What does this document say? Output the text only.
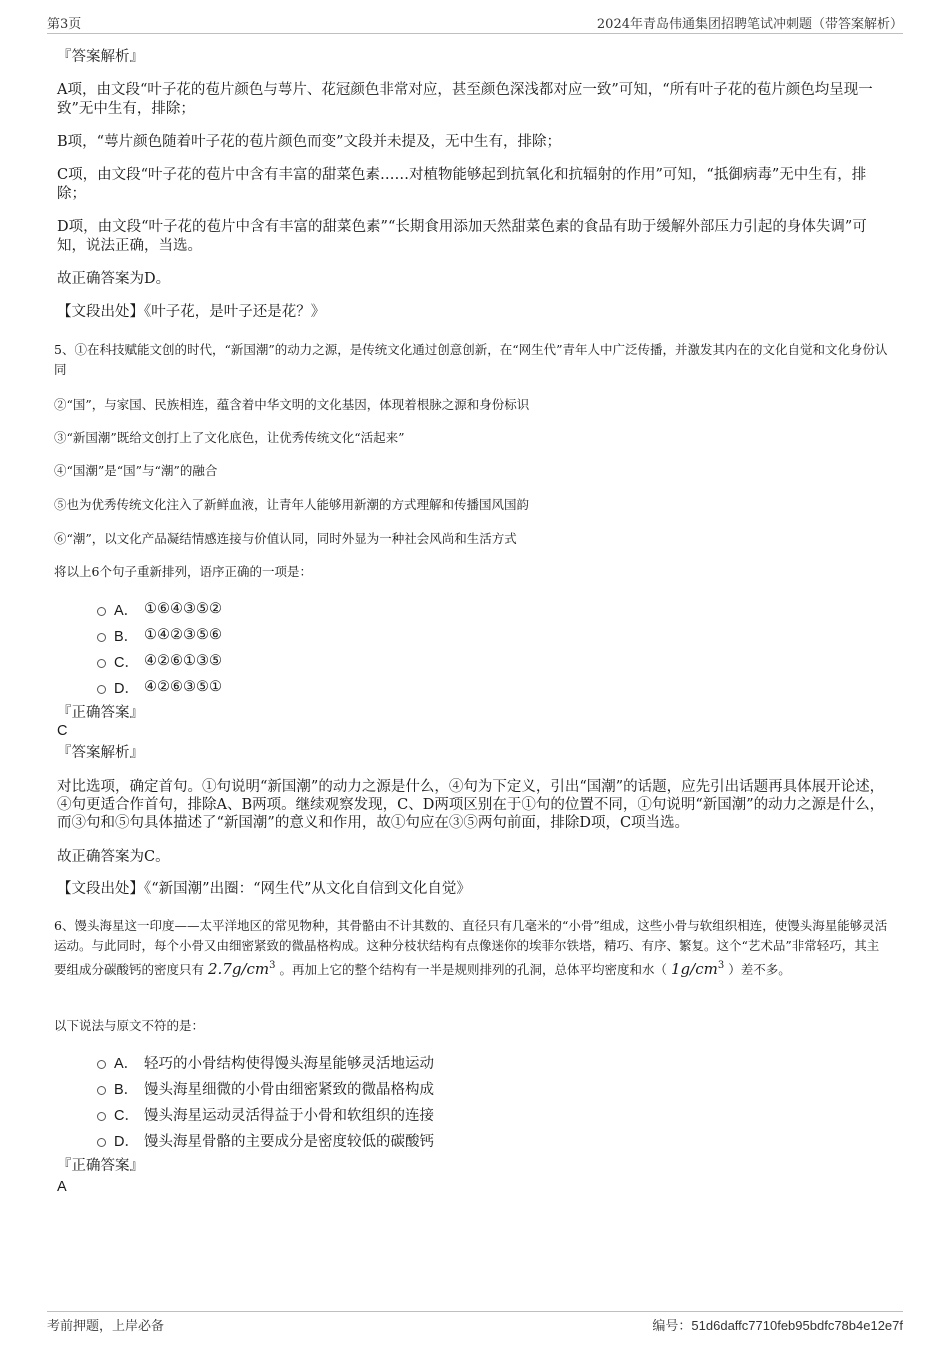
第3页	2024年青岛伟通集团招聘笔试冲刺题（带答案解析）
『答案解析』
A项，由文段“叶子花的苞片颜色与萼片、花冠颜色非常对应，甚至颜色深浅都对应一致”可知，“所有叶子花的苞片颜色均呈现一致”无中生有，排除；
B项，“萼片颜色随着叶子花的苞片颜色而变”文段并未提及，无中生有，排除；
C项，由文段“叶子花的苞片中含有丰富的甜菜色素……对植物能够起到抗氧化和抗辐射的作用”可知，“抵御病毒”无中生有，排除；
D项，由文段“叶子花的苞片中含有丰富的甜菜色素”“长期食用添加天然甜菜色素的食品有助于缓解外部压力引起的身体失调”可知，说法正确，当选。
故正确答案为D。
【文段出处】《叶子花，是叶子还是花？》
5、①在科技赋能文创的时代，“新国潮”的动力之源，是传统文化通过创意创新，在“网生代”青年人中广泛传播，并激发其内在的文化自觉和文化身份认同
②“国”，与家国、民族相连，蕴含着中华文明的文化基因，体现着根脉之源和身份标识
③“新国潮”既给文创打上了文化底色，让优秀传统文化“活起来”
④“国潮”是“国”与“潮”的融合
⑤也为优秀传统文化注入了新鲜血液，让青年人能够用新潮的方式理解和传播国风国韵
⑥“潮”，以文化产品凝结情感连接与价值认同，同时外显为一种社会风尚和生活方式
将以上6个句子重新排列，语序正确的一项是：
A． ①⑥④③⑤②
B． ①④②③⑤⑥
C． ④②⑥①③⑤
D． ④②⑥③⑤①
『正确答案』
C
『答案解析』
对比选项，确定首句。①句说明“新国潮”的动力之源是什么，④句为下定义，引出“国潮”的话题，应先引出话题再具体展开论述，④句更适合作首句，排除A、B两项。继续观察发现，C、D两项区别在于①句的位置不同，①句说明“新国潮”的动力之源是什么，而③句和⑤句具体描述了“新国潮”的意义和作用，故①句应在③⑤两句前面，排除D项，C项当选。
故正确答案为C。
【文段出处】《“新国潮”出圈：“网生代”从文化自信到文化自觉》
6、馒头海星这一印度——太平洋地区的常见物种，其骨骼由不计其数的、直径只有几毫米的“小骨”组成，这些小骨与软组织相连，使馒头海星能够灵活运动。与此同时，每个小骨又由细密紧致的微晶格构成。这种分枝状结构有点像迷你的埃菲尔铁塔，精巧、有序、繁复。这个“艺术品”非常轻巧，其主要组成分碳酸钙的密度只有 $2.7g/cm^3$ 。再加上它的整个结构有一半是规则排列的孔洞，总体平均密度和水（ $1g/cm^3$ ）差不多。
以下说法与原文不符的是：
A． 轻巧的小骨结构使得馒头海星能够灵活地运动
B． 馒头海星细微的小骨由细密紧致的微晶格构成
C． 馒头海星运动灵活得益于小骨和软组织的连接
D． 馒头海星骨骼的主要成分是密度较低的碳酸钙
『正确答案』
A
考前押题，上岸必备	编号：51d6daffc7710feb95bdfc78b4e12e7f
